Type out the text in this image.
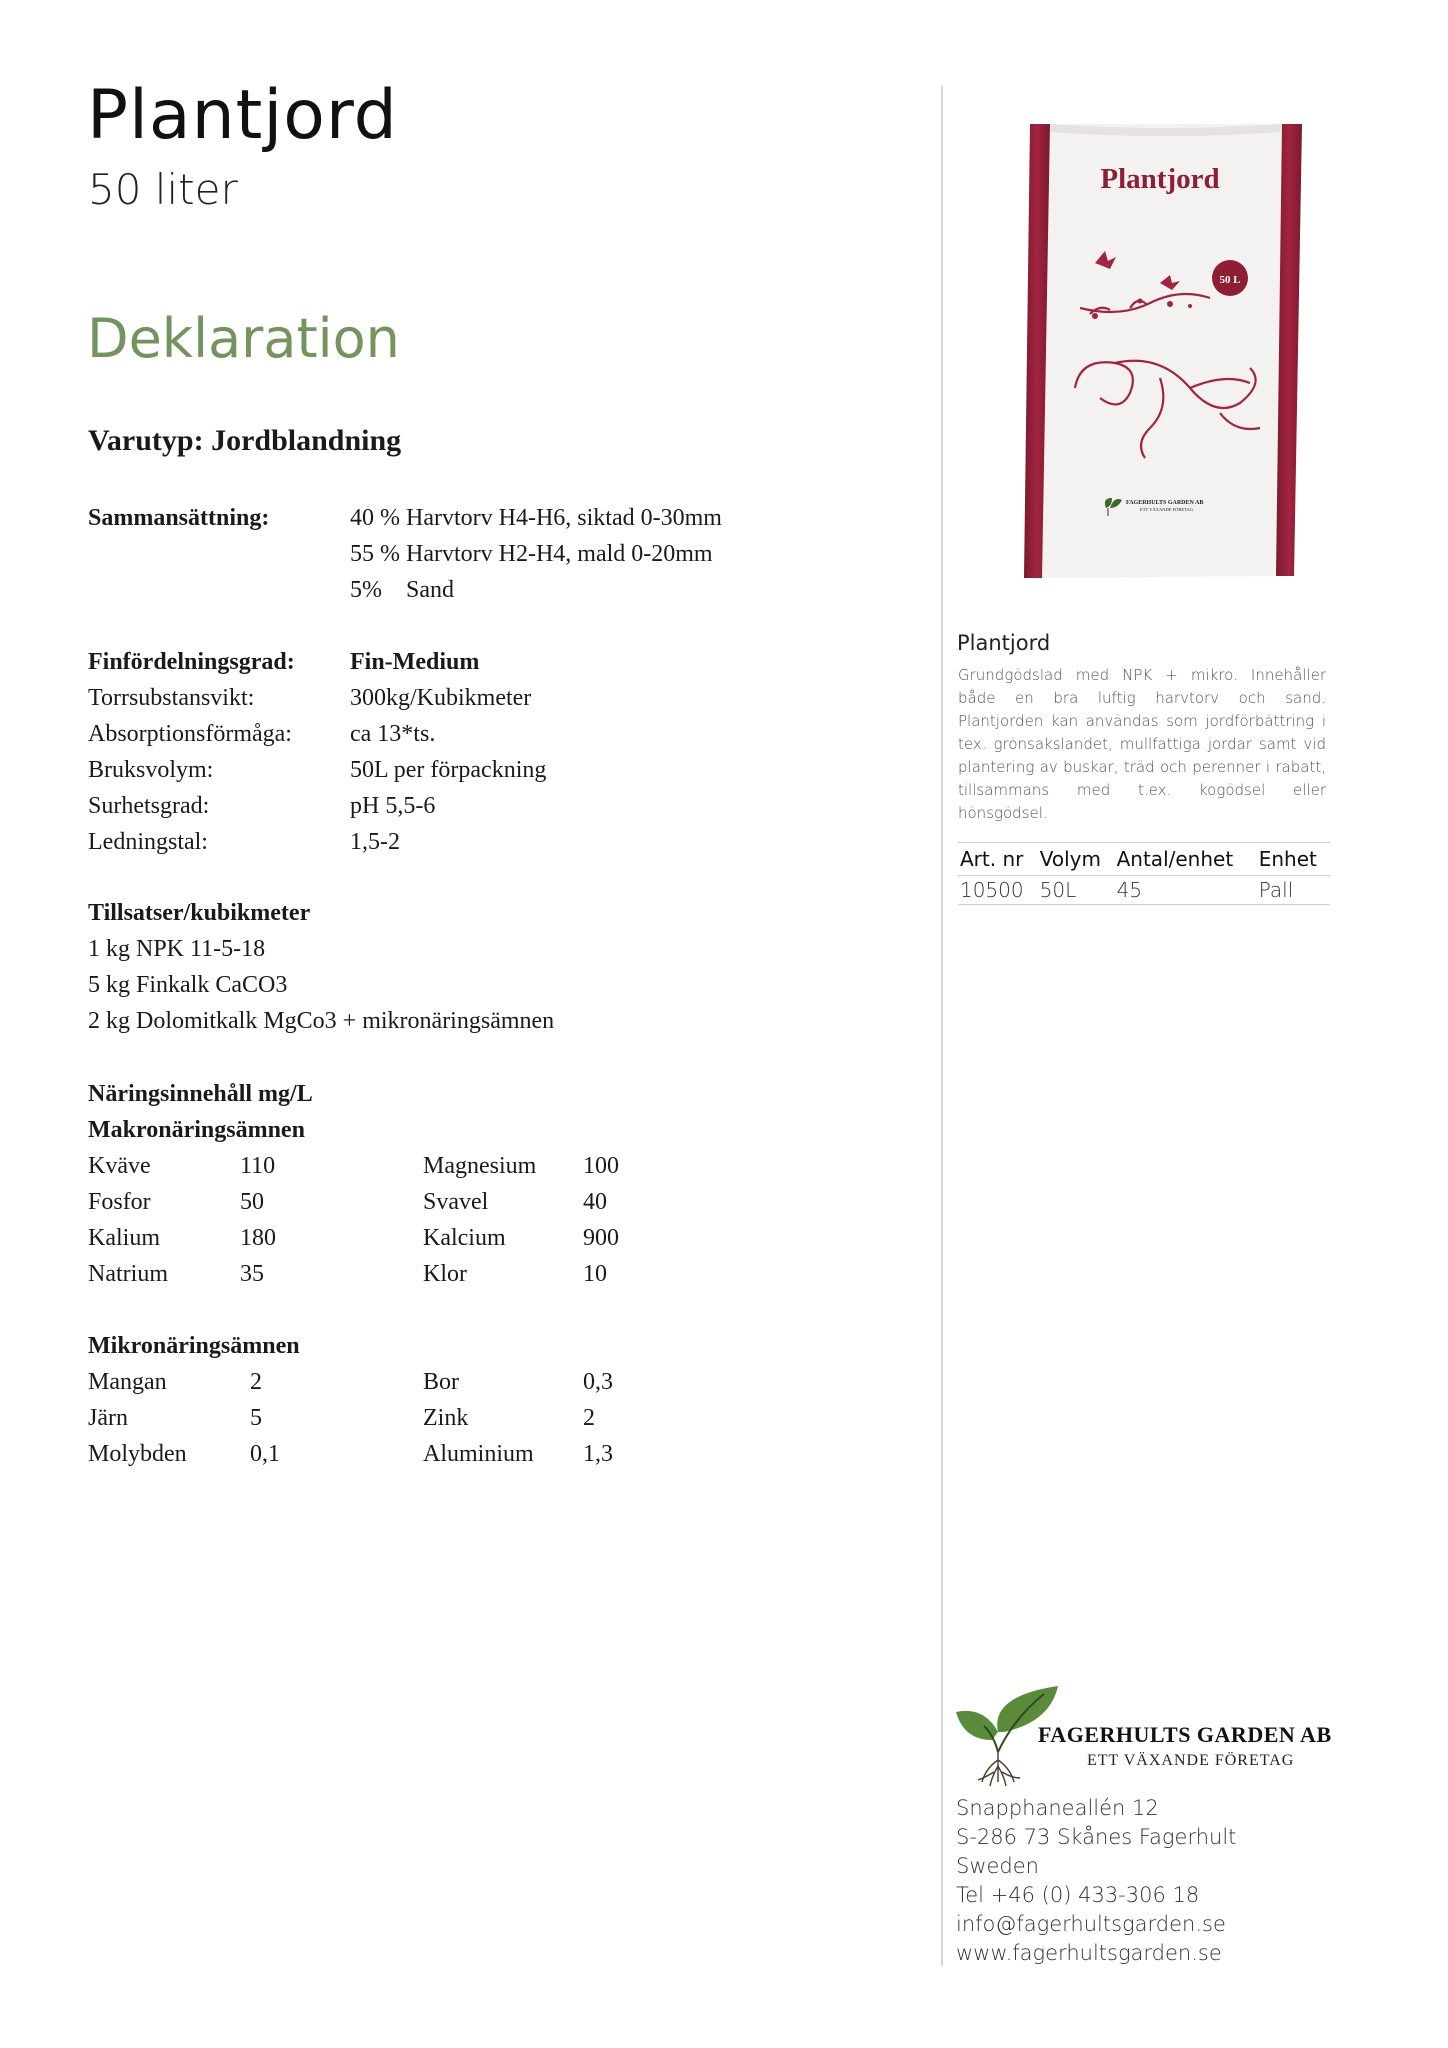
Plantjord
50 liter
Deklaration
Varutyp: Jordblandning
Sammansättning:	40 % Harvtorv H4-H6, siktad 0-30mm
55 % Harvtorv H2-H4, mald 0-20mm
5%    Sand
Finfördelningsgrad:	Fin-Medium
Torrsubstansvikt:	300kg/Kubikmeter
Absorptionsförmåga:	ca 13*ts.
Bruksvolym:	50L per förpackning
Surhetsgrad:	pH 5,5-6
Ledningstal:	1,5-2
Tillsatser/kubikmeter
1 kg NPK 11-5-18
5 kg Finkalk CaCO3
2 kg Dolomitkalk MgCo3 + mikronäringsämnen
Näringsinnehåll mg/L
Makronäringsämnen
Kväve	110	Magnesium	100
Fosfor	50	Svavel	40
Kalium	180	Kalcium	900
Natrium	35	Klor	10
Mikronäringsämnen
Mangan	2	Bor	0,3
Järn	5	Zink	2
Molybden	0,1	Aluminium	1,3
Plantjord
50 L
FAGERHULTS GARDEN AB
ETT VÄXANDE FÖRETAG
Plantjord
Grundgödslad med NPK + mikro. Innehåller både en bra luftig harvtorv och sand. Plantjorden kan användas som jordförbättring i tex. grönsakslandet, mullfattiga jordar samt vid plantering av buskar, träd och perenner i rabatt, tillsammans med t.ex. kogödsel eller hönsgödsel.
Art. nr	Volym	Antal/enhet	Enhet
10500	50L	45	Pall
FAGERHULTS GARDEN AB
ETT VÄXANDE FÖRETAG
Snapphaneallén 12
S-286 73 Skånes Fagerhult
Sweden
Tel +46 (0) 433-306 18
info@fagerhultsgarden.se
www.fagerhultsgarden.se
